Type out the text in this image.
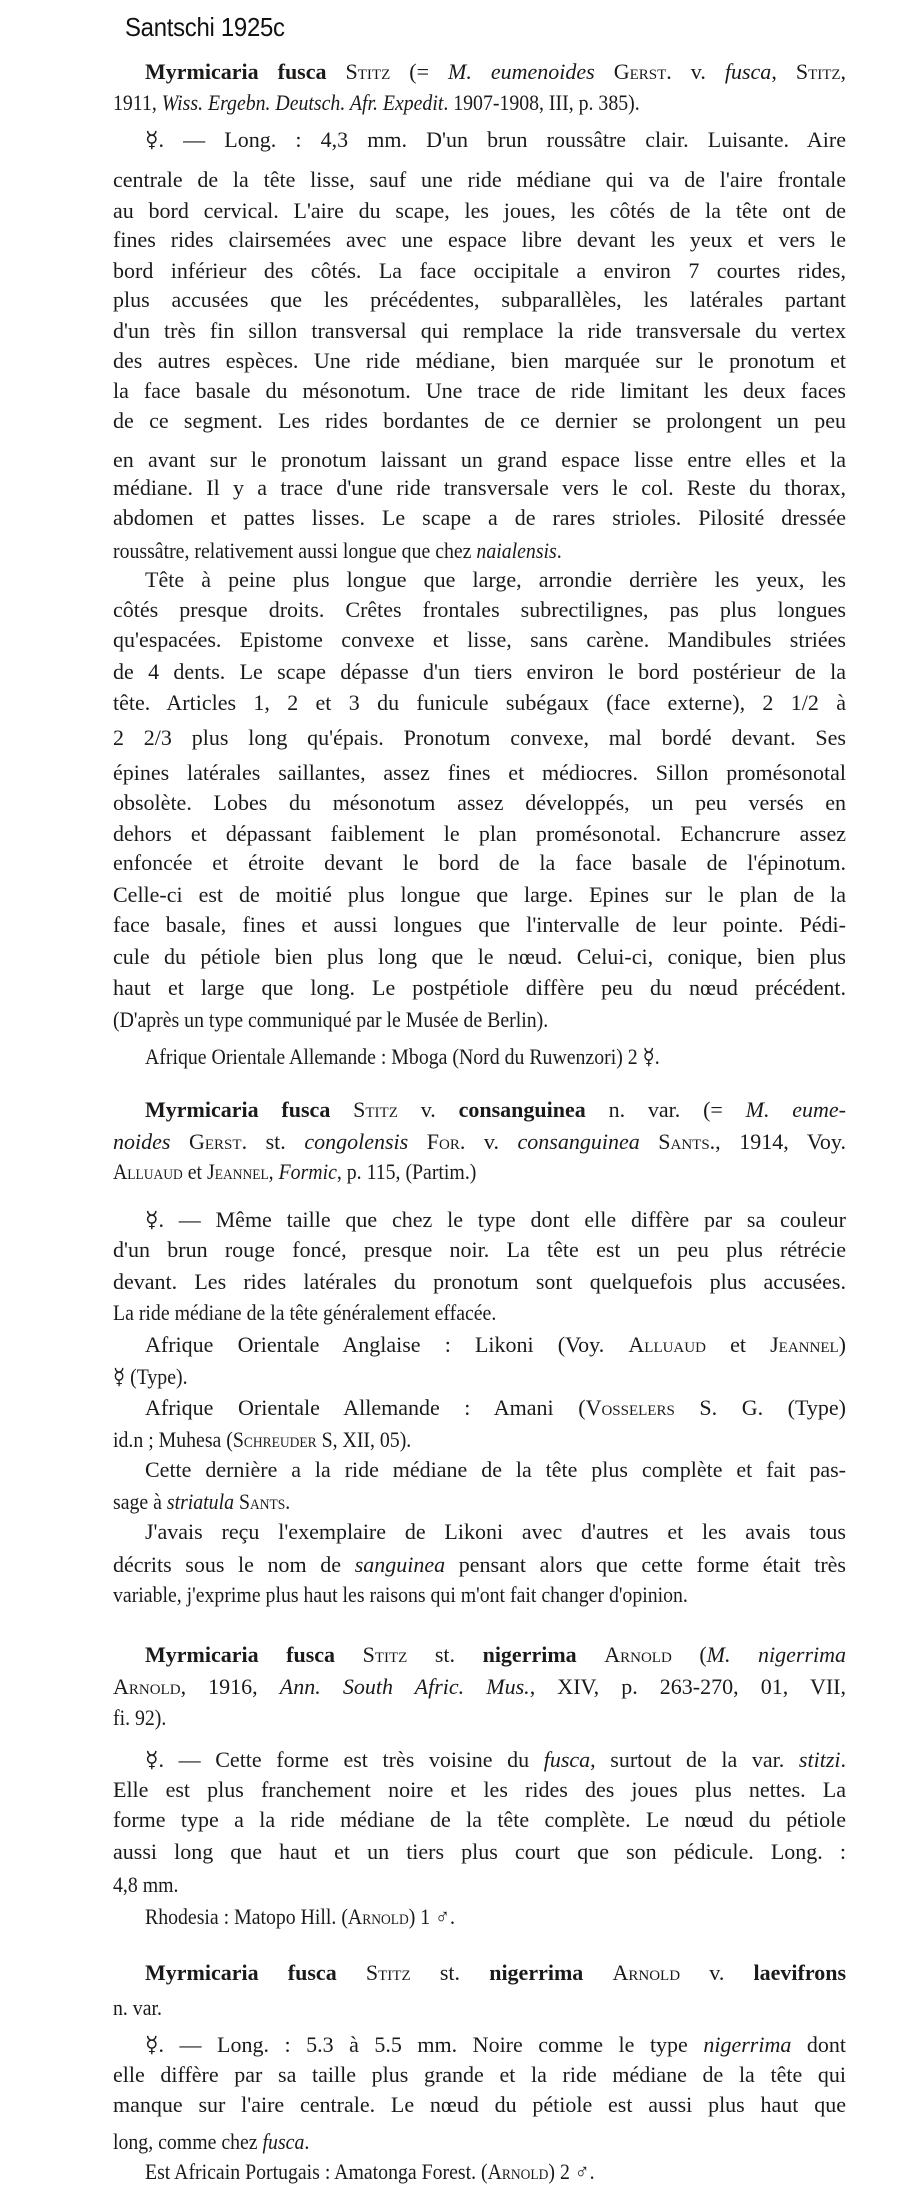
Santschi 1925c
Myrmicaria fusca Stitz (= M. eumenoides Gerst. v. fusca, Stitz,
1911, Wiss. Ergebn. Deutsch. Afr. Expedit. 1907-1908, III, p. 385).
☿. — Long. : 4,3 mm. D'un brun roussâtre clair. Luisante. Aire
centrale de la tête lisse, sauf une ride médiane qui va de l'aire frontale
au bord cervical. L'aire du scape, les joues, les côtés de la tête ont de
fines rides clairsemées avec une espace libre devant les yeux et vers le
bord inférieur des côtés. La face occipitale a environ 7 courtes rides,
plus accusées que les précédentes, subparallèles, les latérales partant
d'un très fin sillon transversal qui remplace la ride transversale du vertex
des autres espèces. Une ride médiane, bien marquée sur le pronotum et
la face basale du mésonotum. Une trace de ride limitant les deux faces
de ce segment. Les rides bordantes de ce dernier se prolongent un peu
en avant sur le pronotum laissant un grand espace lisse entre elles et la
médiane. Il y a trace d'une ride transversale vers le col. Reste du thorax,
abdomen et pattes lisses. Le scape a de rares strioles. Pilosité dressée
roussâtre, relativement aussi longue que chez naialensis.
Tête à peine plus longue que large, arrondie derrière les yeux, les
côtés presque droits. Crêtes frontales subrectilignes, pas plus longues
qu'espacées. Epistome convexe et lisse, sans carène. Mandibules striées
de 4 dents. Le scape dépasse d'un tiers environ le bord postérieur de la
tête. Articles 1, 2 et 3 du funicule subégaux (face externe), 2 1/2 à
2 2/3 plus long qu'épais. Pronotum convexe, mal bordé devant. Ses
épines latérales saillantes, assez fines et médiocres. Sillon promésonotal
obsolète. Lobes du mésonotum assez développés, un peu versés en
dehors et dépassant faiblement le plan promésonotal. Echancrure assez
enfoncée et étroite devant le bord de la face basale de l'épinotum.
Celle-ci est de moitié plus longue que large. Epines sur le plan de la
face basale, fines et aussi longues que l'intervalle de leur pointe. Pédi-
cule du pétiole bien plus long que le nœud. Celui-ci, conique, bien plus
haut et large que long. Le postpétiole diffère peu du nœud précédent.
(D'après un type communiqué par le Musée de Berlin).
Afrique Orientale Allemande : Mboga (Nord du Ruwenzori) 2 ☿.
Myrmicaria fusca Stitz v. consanguinea n. var. (= M. eume-
noides Gerst. st. congolensis For. v. consanguinea Sants., 1914, Voy.
Alluaud et Jeannel, Formic, p. 115, (Partim.)
☿. — Même taille que chez le type dont elle diffère par sa couleur
d'un brun rouge foncé, presque noir. La tête est un peu plus rétrécie
devant. Les rides latérales du pronotum sont quelquefois plus accusées.
La ride médiane de la tête généralement effacée.
Afrique Orientale Anglaise : Likoni (Voy. Alluaud et Jeannel)
☿ (Type).
Afrique Orientale Allemande : Amani (Vosselers S. G. (Type)
id.n ; Muhesa (Schreuder S, XII, 05).
Cette dernière a la ride médiane de la tête plus complète et fait pas-
sage à striatula Sants.
J'avais reçu l'exemplaire de Likoni avec d'autres et les avais tous
décrits sous le nom de sanguinea pensant alors que cette forme était très
variable, j'exprime plus haut les raisons qui m'ont fait changer d'opinion.
Myrmicaria fusca Stitz st. nigerrima Arnold (M. nigerrima
Arnold, 1916, Ann. South Afric. Mus., XIV, p. 263-270, 01, VII,
fi. 92).
☿. — Cette forme est très voisine du fusca, surtout de la var. stitzi.
Elle est plus franchement noire et les rides des joues plus nettes. La
forme type a la ride médiane de la tête complète. Le nœud du pétiole
aussi long que haut et un tiers plus court que son pédicule. Long. :
4,8 mm.
Rhodesia : Matopo Hill. (Arnold) 1 ♂.
Myrmicaria fusca Stitz st. nigerrima Arnold v. laevifrons
n. var.
☿. — Long. : 5.3 à 5.5 mm. Noire comme le type nigerrima dont
elle diffère par sa taille plus grande et la ride médiane de la tête qui
manque sur l'aire centrale. Le nœud du pétiole est aussi plus haut que
long, comme chez fusca.
Est Africain Portugais : Amatonga Forest. (Arnold) 2 ♂.
